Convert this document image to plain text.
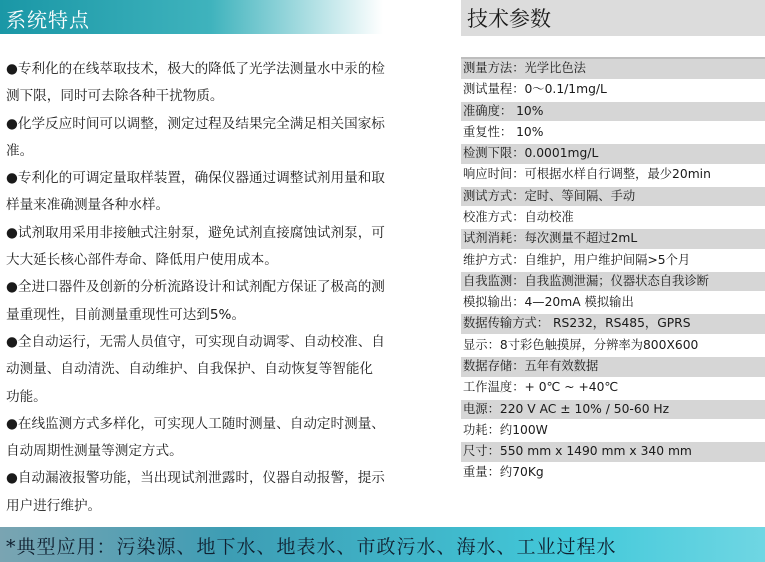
系统特点

●专利化的在线萃取技术，极大的降低了光学法测量水中汞的检测下限，同时可去除各种干扰物质。

●化学反应时间可以调整，测定过程及结果完全满足相关国家标准。

●专利化的可调定量取样装置，确保仪器通过调整试剂用量和取样量来准确测量各种水样。

●试剂取用采用非接触式注射泵，避免试剂直接腐蚀试剂泵，可大大延长核心部件寿命、降低用户使用成本。

●全进口器件及创新的分析流路设计和试剂配方保证了极高的测量重现性，目前测量重现性可达到5%。

●全自动运行，无需人员值守，可实现自动调零、自动校准、自动测量、自动清洗、自动维护、自我保护、自动恢复等智能化功能。

●在线监测方式多样化，可实现人工随时测量、自动定时测量、自动周期性测量等测定方式。

●自动漏液报警功能，当出现试剂泄露时，仪器自动报警，提示用户进行维护。

技术参数
测量方法：光学比色法
测试量程：0～0.1/1mg/L
准确度： 10%
重复性： 10%
检测下限：0.0001mg/L
响应时间：可根据水样自行调整，最少20min
测试方式：定时、等间隔、手动
校准方式：自动校准
试剂消耗：每次测量不超过2mL
维护方式：自维护，用户维护间隔>5个月
自我监测：自我监测泄漏；仪器状态自我诊断
模拟输出：4—20mA 模拟输出
数据传输方式： RS232，RS485，GPRS
显示：8寸彩色触摸屏，分辨率为800X600
数据存储：五年有效数据
工作温度：+ 0℃ ~ +40℃
电源：220 V AC ± 10% / 50-60 Hz
功耗：约100W
尺寸：550 mm x 1490 mm x 340 mm
重量：约70Kg
*典型应用：污染源、地下水、地表水、市政污水、海水、工业过程水
